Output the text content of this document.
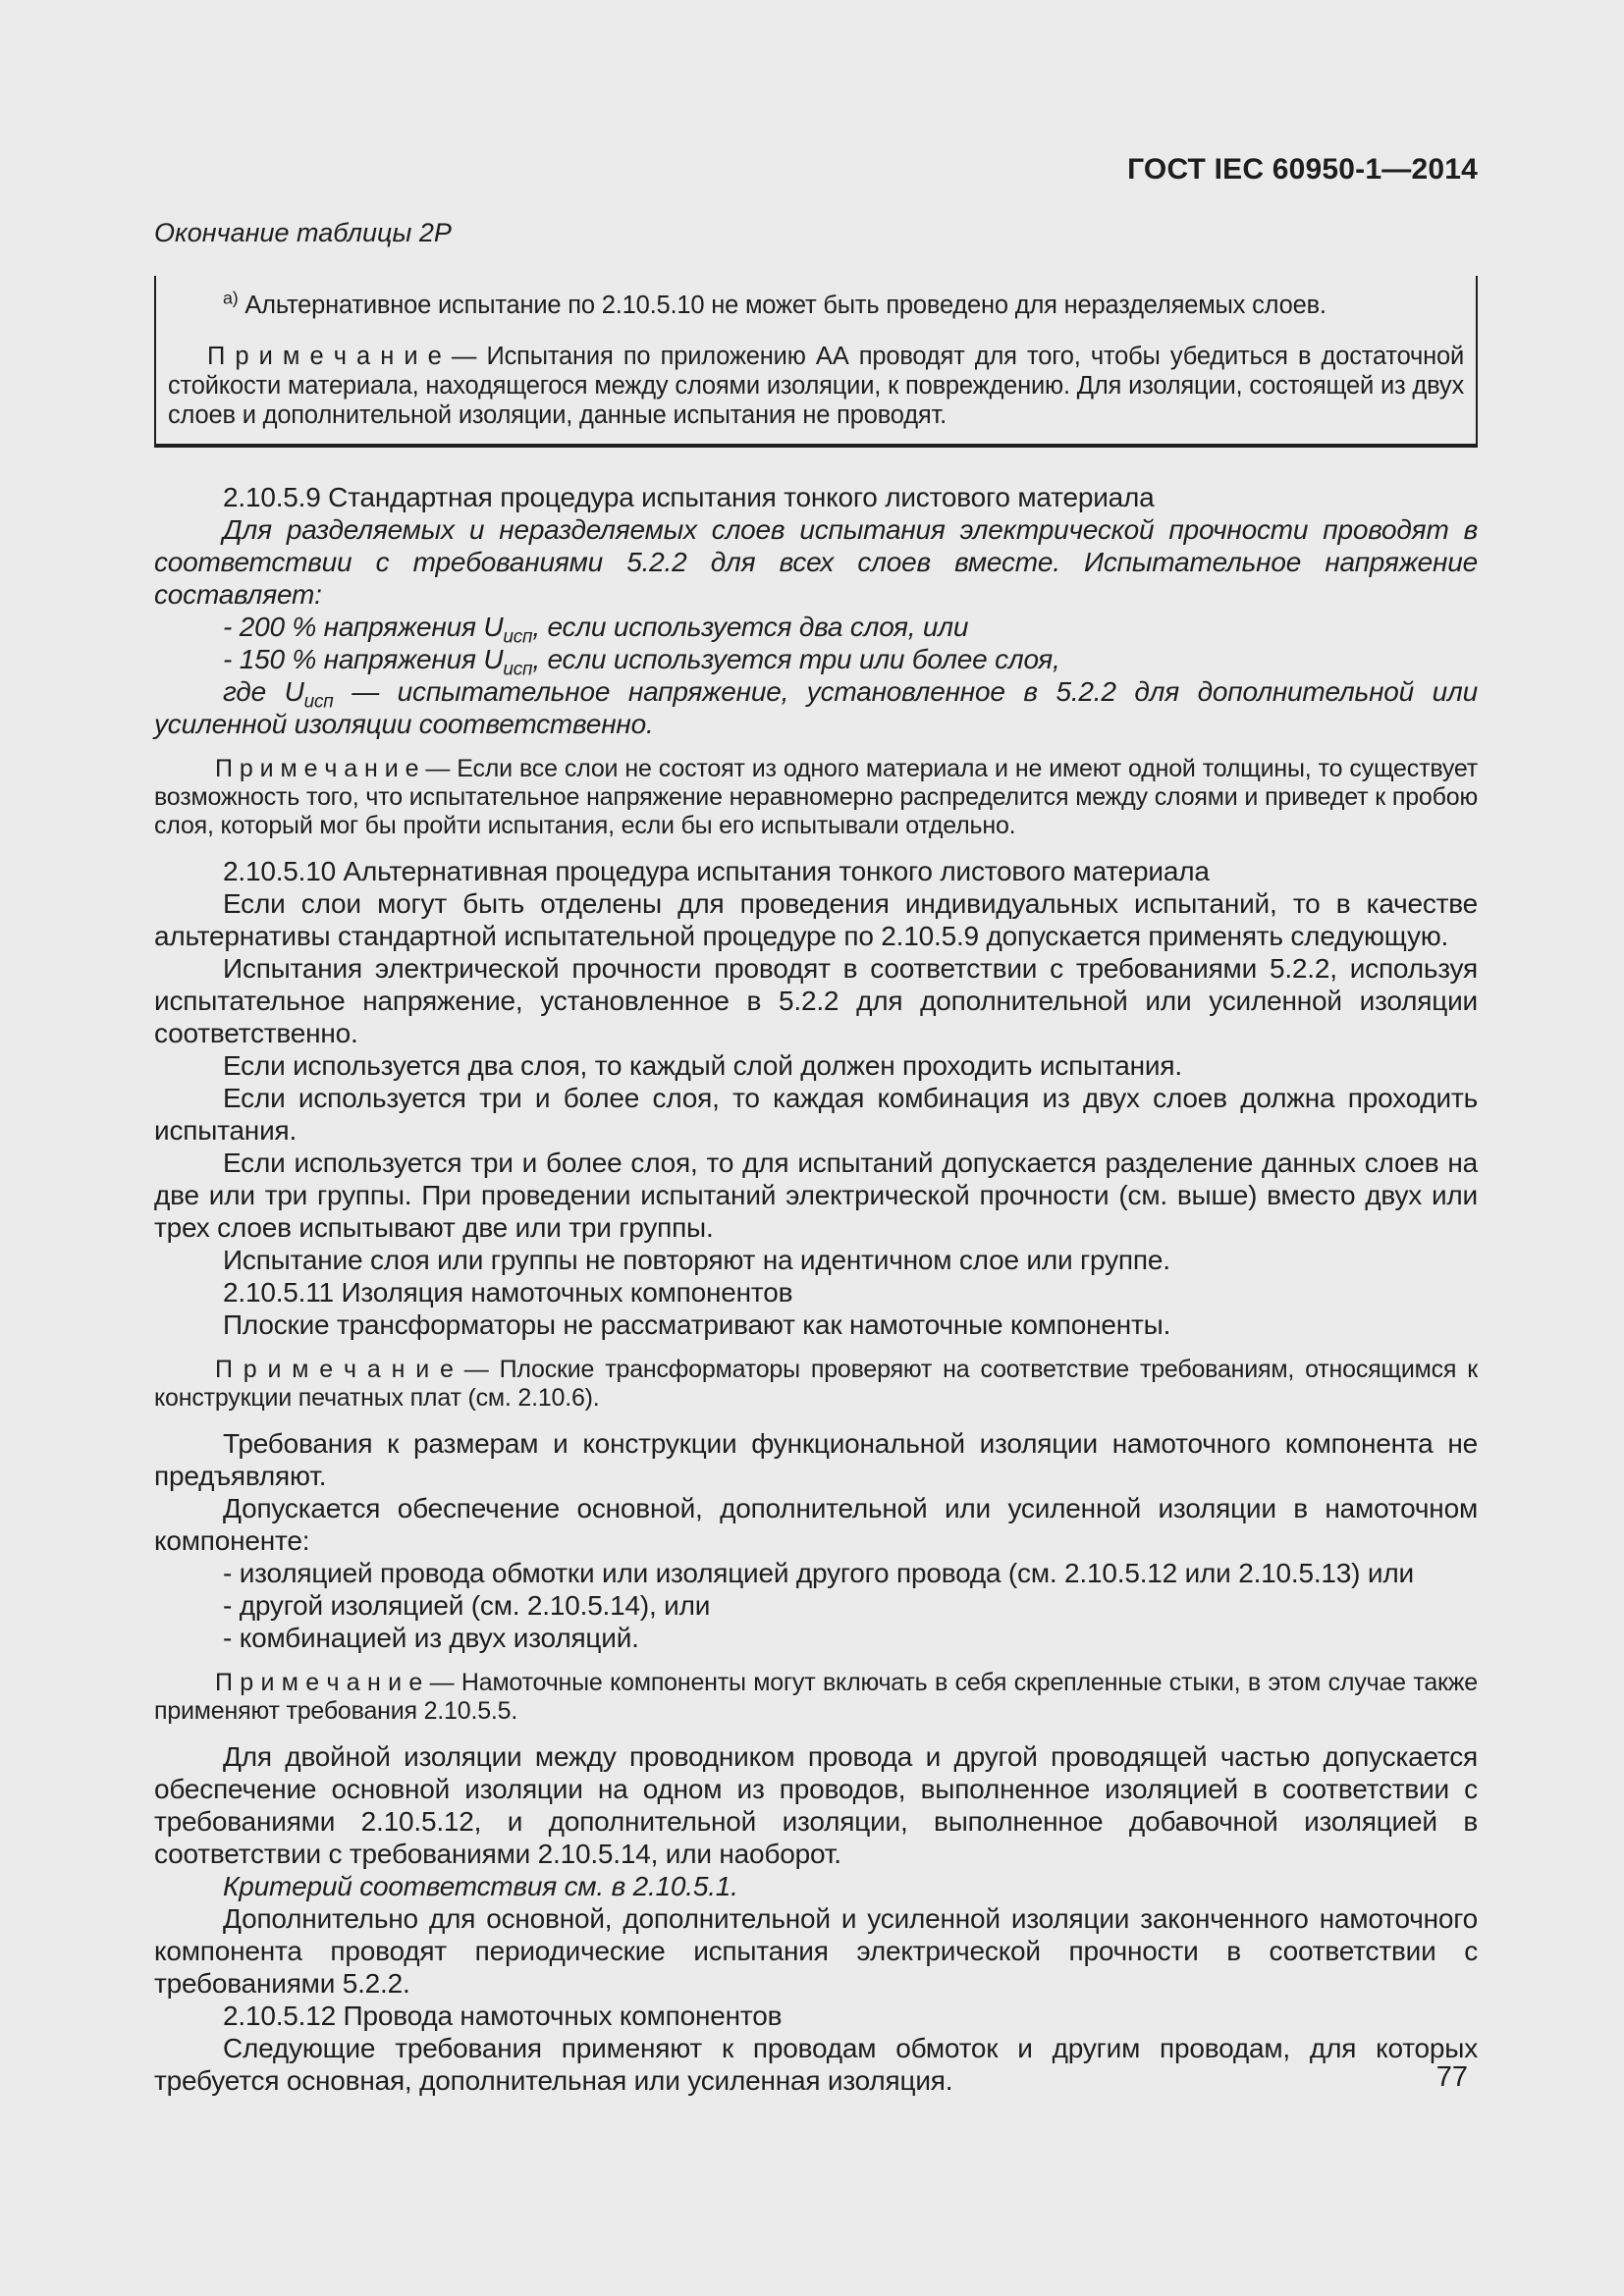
ГОСТ IEC 60950-1—2014
Окончание таблицы 2P

$^{a)}$ Альтернативное испытание по 2.10.5.10 не может быть проведено для неразделяемых слоев.

П р и м е ч а н и е — Испытания по приложению АА проводят для того, чтобы убедиться в достаточной стойкости материала, находящегося между слоями изоляции, к повреждению. Для изоляции, состоящей из двух слоев и дополнительной изоляции, данные испытания не проводят.

2.10.5.9 Стандартная процедура испытания тонкого листового материала

Для разделяемых и неразделяемых слоев испытания электрической прочности проводят в соответствии с требованиями 5.2.2 для всех слоев вместе. Испытательное напряжение составляет:

- 200 % напряжения $U_{исп}$, если используется два слоя, или

- 150 % напряжения $U_{исп}$, если используется три или более слоя,

где $U_{исп}$ — испытательное напряжение, установленное в 5.2.2 для дополнительной или усиленной изоляции соответственно.

П р и м е ч а н и е — Если все слои не состоят из одного материала и не имеют одной толщины, то существует возможность того, что испытательное напряжение неравномерно распределится между слоями и приведет к пробою слоя, который мог бы пройти испытания, если бы его испытывали отдельно.

2.10.5.10 Альтернативная процедура испытания тонкого листового материала

Если слои могут быть отделены для проведения индивидуальных испытаний, то в качестве альтернативы стандартной испытательной процедуре по 2.10.5.9 допускается применять следующую.

Испытания электрической прочности проводят в соответствии с требованиями 5.2.2, используя испытательное напряжение, установленное в 5.2.2 для дополнительной или усиленной изоляции соответственно.

Если используется два слоя, то каждый слой должен проходить испытания.

Если используется три и более слоя, то каждая комбинация из двух слоев должна проходить испытания.

Если используется три и более слоя, то для испытаний допускается разделение данных слоев на две или три группы. При проведении испытаний электрической прочности (см. выше) вместо двух или трех слоев испытывают две или три группы.

Испытание слоя или группы не повторяют на идентичном слое или группе.

2.10.5.11 Изоляция намоточных компонентов

Плоские трансформаторы не рассматривают как намоточные компоненты.

П р и м е ч а н и е — Плоские трансформаторы проверяют на соответствие требованиям, относящимся к конструкции печатных плат (см. 2.10.6).

Требования к размерам и конструкции функциональной изоляции намоточного компонента не предъявляют.

Допускается обеспечение основной, дополнительной или усиленной изоляции в намоточном компоненте:

- изоляцией провода обмотки или изоляцией другого провода (см. 2.10.5.12 или 2.10.5.13) или

- другой изоляцией (см. 2.10.5.14), или

- комбинацией из двух изоляций.

П р и м е ч а н и е — Намоточные компоненты могут включать в себя скрепленные стыки, в этом случае также применяют требования 2.10.5.5.

Для двойной изоляции между проводником провода и другой проводящей частью допускается обеспечение основной изоляции на одном из проводов, выполненное изоляцией в соответствии с требованиями 2.10.5.12, и дополнительной изоляции, выполненное добавочной изоляцией в соответствии с требованиями 2.10.5.14, или наоборот.

Критерий соответствия см. в 2.10.5.1.

Дополнительно для основной, дополнительной и усиленной изоляции законченного намоточного компонента проводят периодические испытания электрической прочности в соответствии с требованиями 5.2.2.

2.10.5.12 Провода намоточных компонентов

Следующие требования применяют к проводам обмоток и другим проводам, для которых требуется основная, дополнительная или усиленная изоляция.	77
